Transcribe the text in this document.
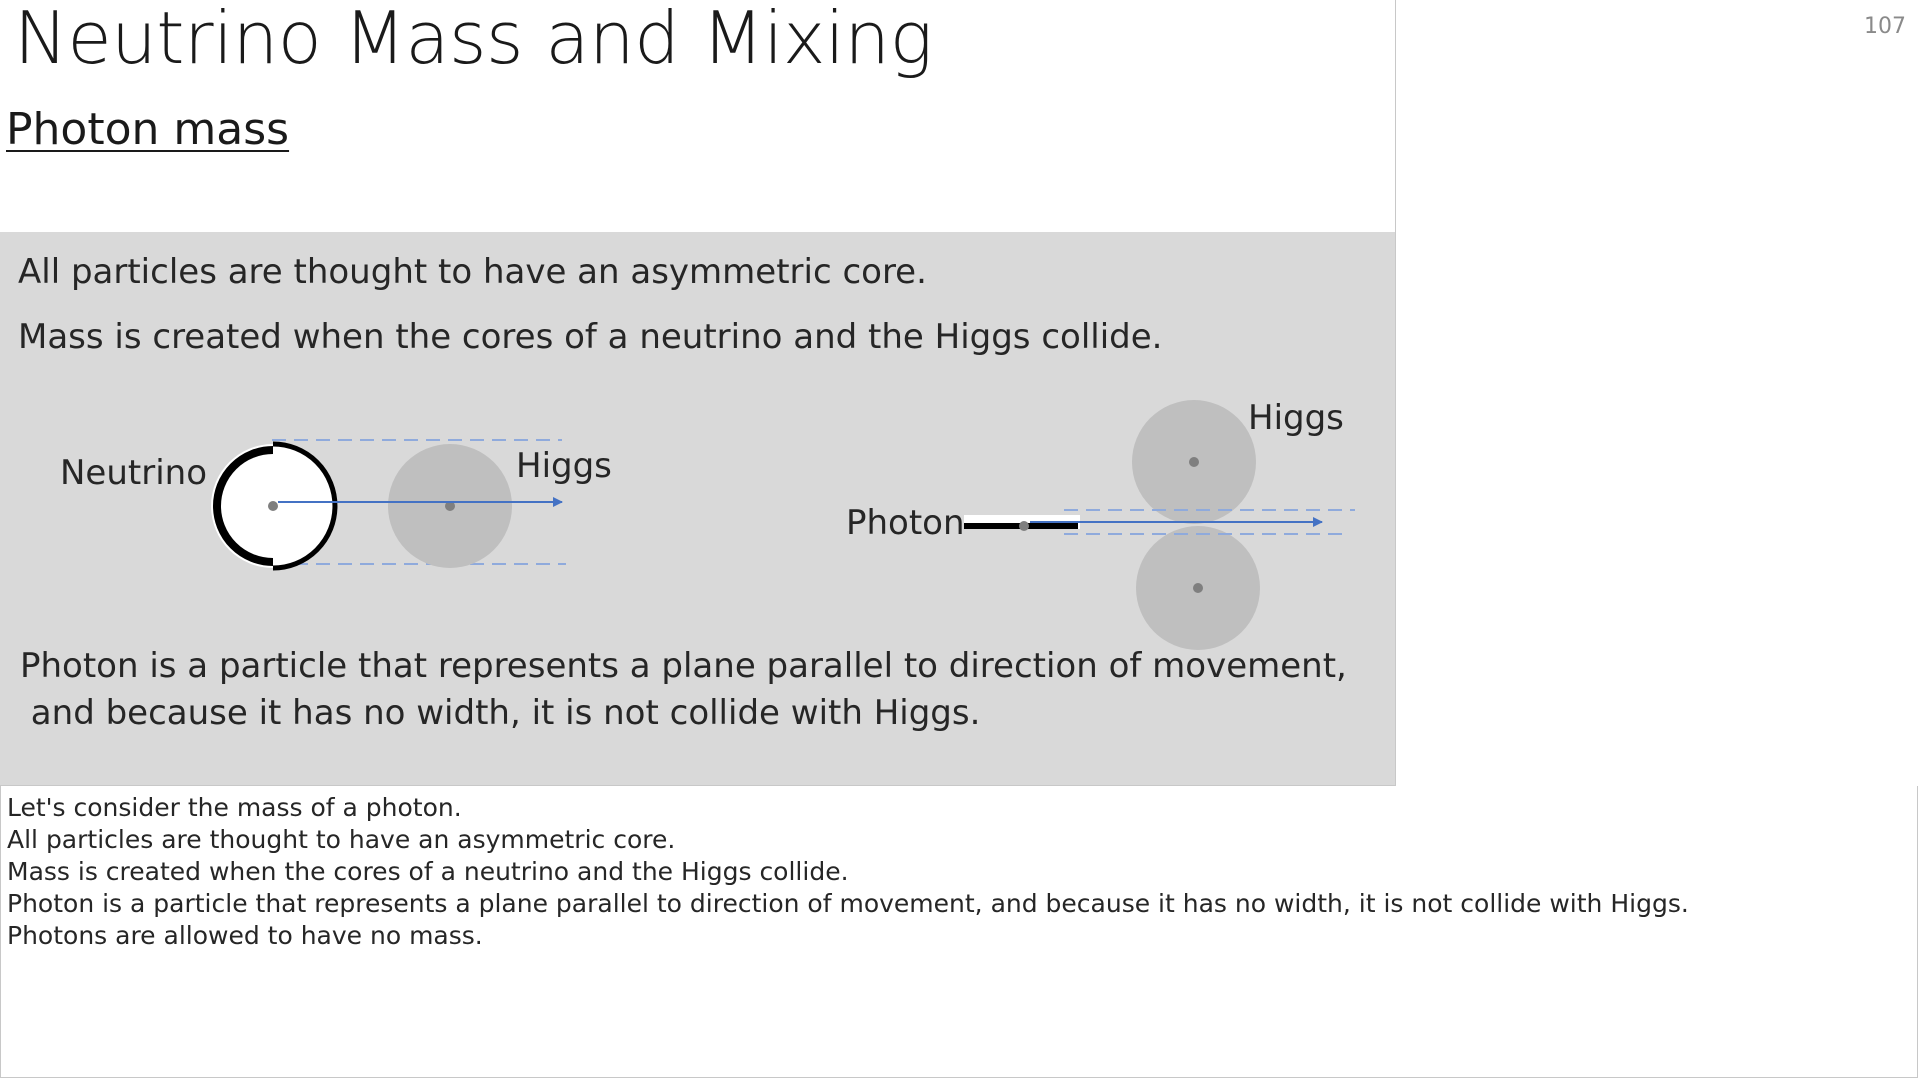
Neutrino Mass and Mixing
Photon mass
All particles are thought to have an asymmetric core.
Mass is created when the cores of a neutrino and the Higgs collide.
Neutrino	Higgs
Photon
Higgs
Photon is a particle that represents a plane parallel to direction of movement,
and because it has no width, it is not collide with Higgs.
107
Let's consider the mass of a photon.
All particles are thought to have an asymmetric core.
Mass is created when the cores of a neutrino and the Higgs collide.
Photon is a particle that represents a plane parallel to direction of movement, and because it has no width, it is not collide with Higgs.
Photons are allowed to have no mass.
